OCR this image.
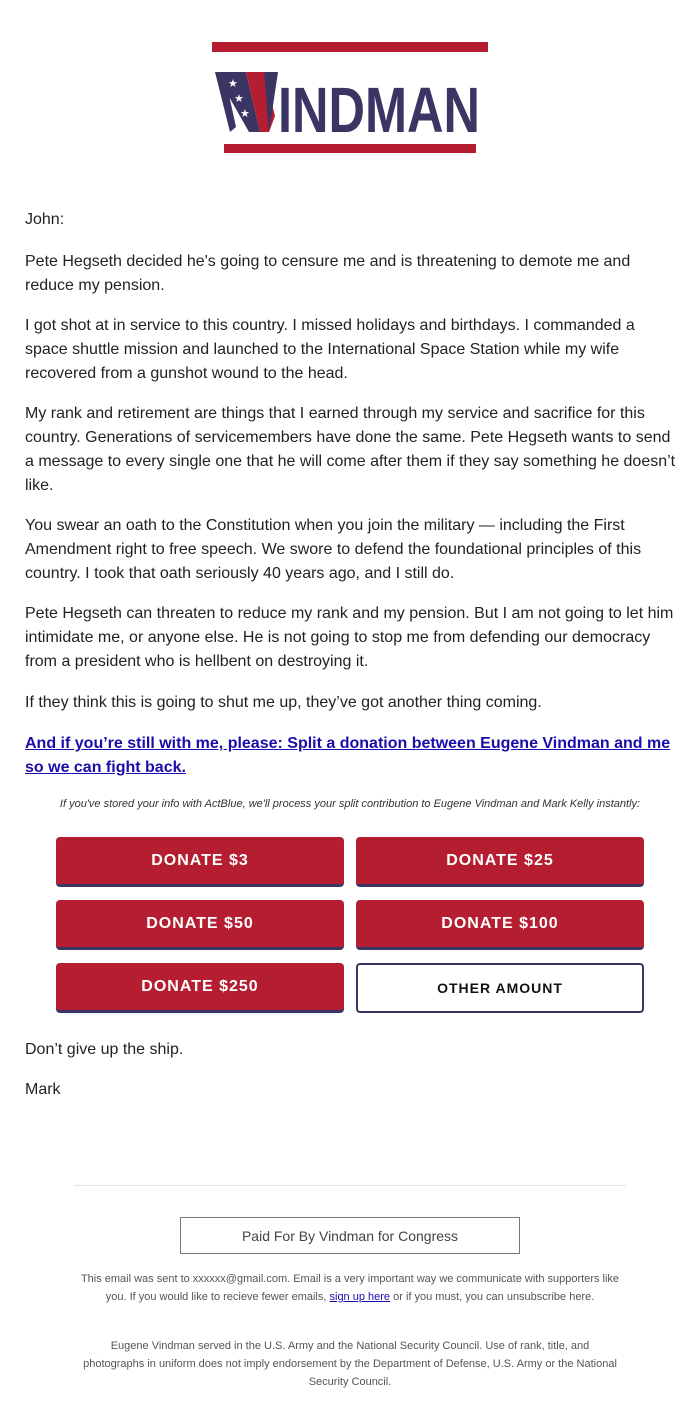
★
★
★ INDMAN
John:

Pete Hegseth decided he's going to censure me and is threatening to demote me and reduce my pension.

I got shot at in service to this country. I missed holidays and birthdays. I commanded a space shuttle mission and launched to the International Space Station while my wife recovered from a gunshot wound to the head.

My rank and retirement are things that I earned through my service and sacrifice for this country. Generations of servicemembers have done the same. Pete Hegseth wants to send a message to every single one that he will come after them if they say something he doesn’t like.

You swear an oath to the Constitution when you join the military — including the First Amendment right to free speech. We swore to defend the foundational principles of this country. I took that oath seriously 40 years ago, and I still do.

Pete Hegseth can threaten to reduce my rank and my pension. But I am not going to let him intimidate me, or anyone else. He is not going to stop me from defending our democracy from a president who is hellbent on destroying it.

If they think this is going to shut me up, they’ve got another thing coming.

And if you’re still with me, please: Split a donation between Eugene Vindman and me so we can fight back.
If you've stored your info with ActBlue, we'll process your split contribution to Eugene Vindman and Mark Kelly instantly:
DONATE $3	DONATE $25
DONATE $50	DONATE $100
DONATE $250	OTHER AMOUNT
Don’t give up the ship.
Mark
Paid For By Vindman for Congress

This email was sent to xxxxxx@gmail.com. Email is a very important way we communicate with supporters like you. If you would like to recieve fewer emails, sign up here or if you must, you can unsubscribe here.

Eugene Vindman served in the U.S. Army and the National Security Council. Use of rank, title, and photographs in uniform does not imply endorsement by the Department of Defense, U.S. Army or the National Security Council.
